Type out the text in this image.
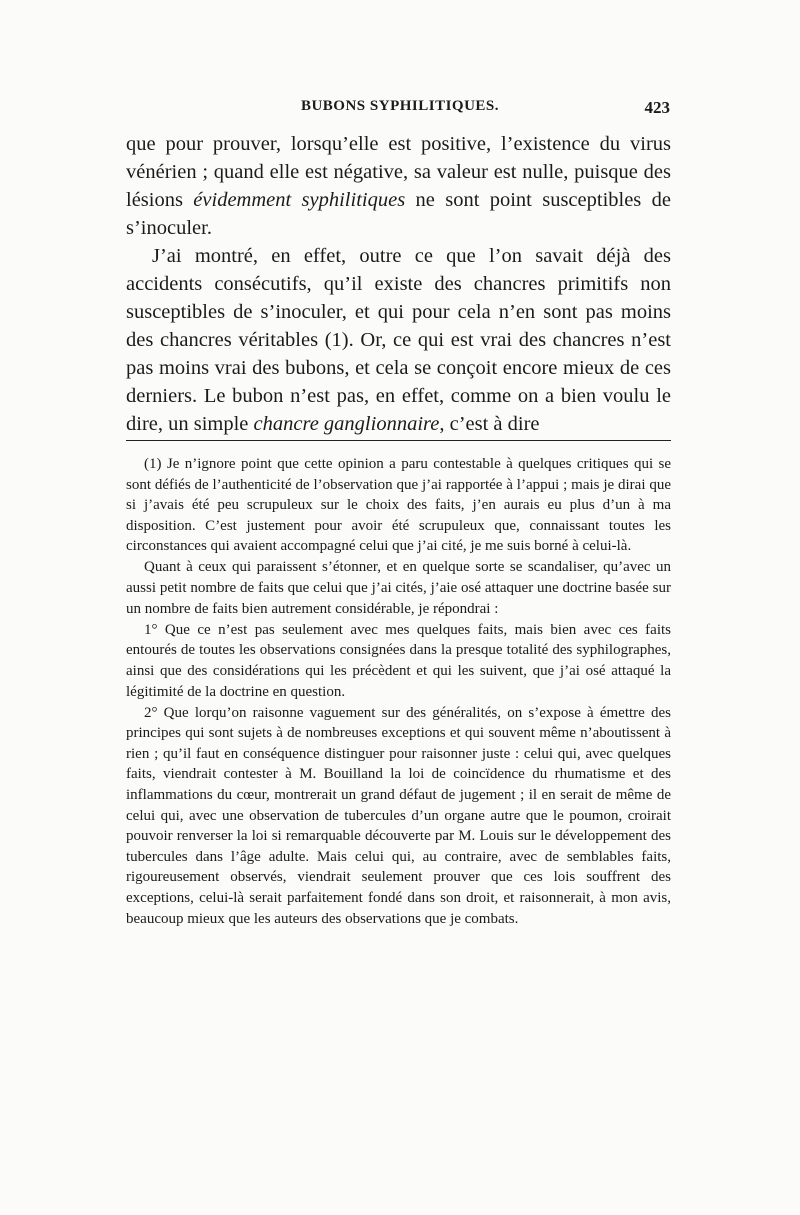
BUBONS SYPHILITIQUES.	423

que pour prouver, lorsqu’elle est positive, l’existence du virus vénérien ; quand elle est négative, sa valeur est nulle, puisque des lésions évidemment syphilitiques ne sont point susceptibles de s’inoculer.

J’ai montré, en effet, outre ce que l’on savait déjà des accidents consécutifs, qu’il existe des chancres primitifs non susceptibles de s’inoculer, et qui pour cela n’en sont pas moins des chancres véritables (1). Or, ce qui est vrai des chancres n’est pas moins vrai des bubons, et cela se conçoit encore mieux de ces derniers. Le bubon n’est pas, en effet, comme on a bien voulu le dire, un simple chancre ganglionnaire, c’est à dire

(1) Je n’ignore point que cette opinion a paru contestable à quelques critiques qui se sont défiés de l’authenticité de l’observation que j’ai rapportée à l’appui ; mais je dirai que si j’avais été peu scrupuleux sur le choix des faits, j’en aurais eu plus d’un à ma disposition. C’est justement pour avoir été scrupuleux que, connaissant toutes les circonstances qui avaient accompagné celui que j’ai cité, je me suis borné à celui-là.

Quant à ceux qui paraissent s’étonner, et en quelque sorte se scandaliser, qu’avec un aussi petit nombre de faits que celui que j’ai cités, j’aie osé attaquer une doctrine basée sur un nombre de faits bien autrement considérable, je répondrai :

1° Que ce n’est pas seulement avec mes quelques faits, mais bien avec ces faits entourés de toutes les observations consignées dans la presque totalité des syphilographes, ainsi que des considérations qui les précèdent et qui les suivent, que j’ai osé attaqué la légitimité de la doctrine en question.

2° Que lorqu’on raisonne vaguement sur des généralités, on s’expose à émettre des principes qui sont sujets à de nombreuses exceptions et qui souvent même n’aboutissent à rien ; qu’il faut en conséquence distinguer pour raisonner juste : celui qui, avec quelques faits, viendrait contester à M. Bouilland la loi de coincïdence du rhumatisme et des inflammations du cœur, montrerait un grand défaut de jugement ; il en serait de même de celui qui, avec une observation de tubercules d’un organe autre que le poumon, croirait pouvoir renverser la loi si remarquable découverte par M. Louis sur le développement des tubercules dans l’âge adulte. Mais celui qui, au contraire, avec de semblables faits, rigoureusement observés, viendrait seulement prouver que ces lois souffrent des exceptions, celui-là serait parfaitement fondé dans son droit, et raisonnerait, à mon avis, beaucoup mieux que les auteurs des observations que je combats.
